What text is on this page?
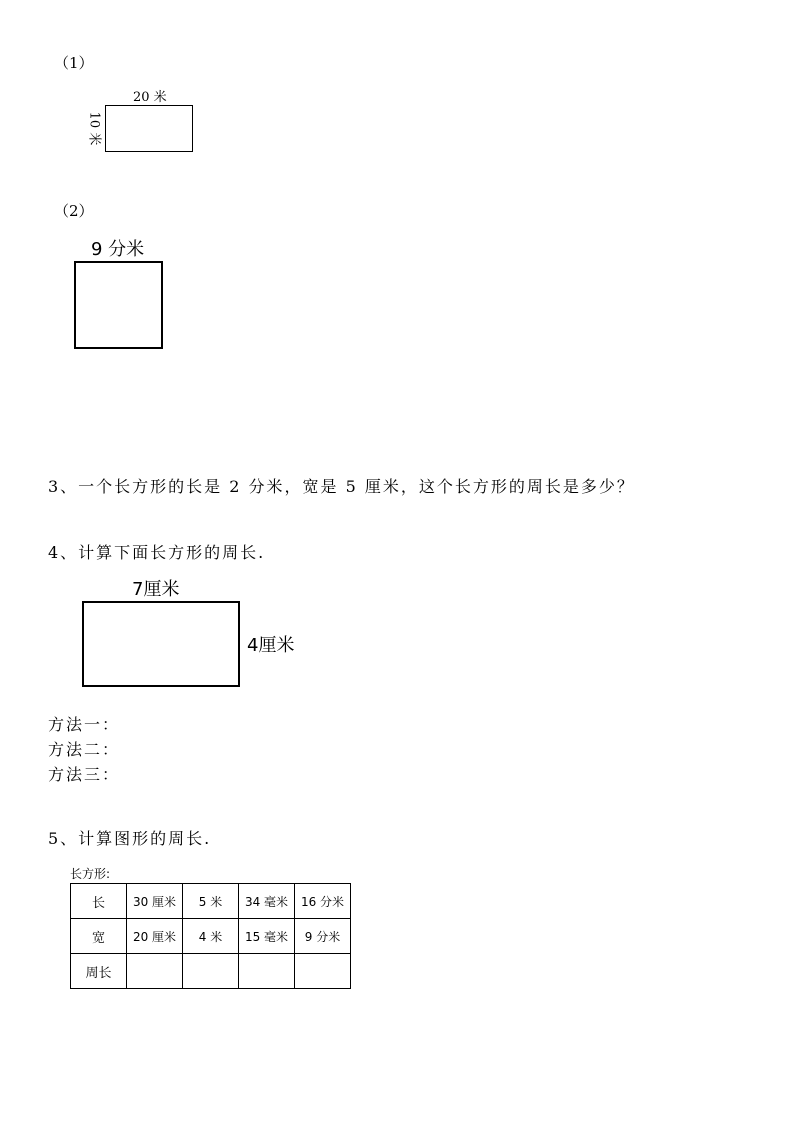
（1）
20 米
10 米
（2）
9 分米
3、一个长方形的长是 2 分米，宽是 5 厘米，这个长方形的周长是多少？
4、计算下面长方形的周长.
7厘米
4厘米
方法一：
方法二：
方法三：
5、计算图形的周长.
长方形:
长	30 厘米	5 米	34 毫米	16 分米
宽	20 厘米	4 米	15 毫米	9 分米
周长				
